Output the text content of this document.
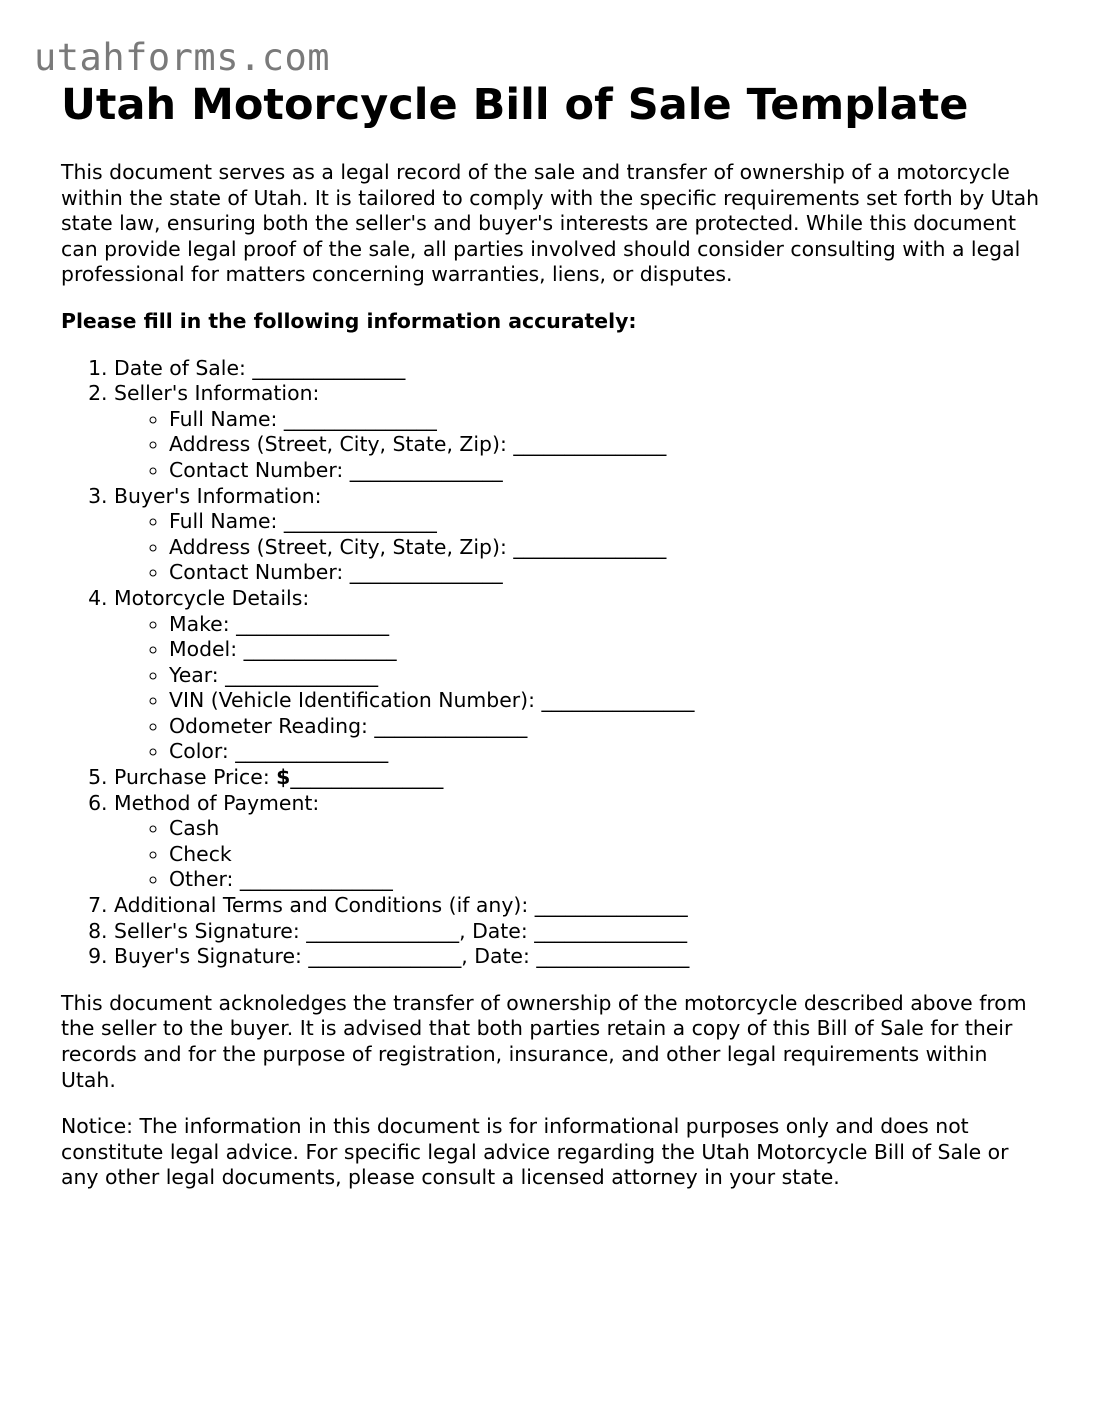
utahforms.com
Utah Motorcycle Bill of Sale Template

This document serves as a legal record of the sale and transfer of ownership of a motorcycle within the state of Utah. It is tailored to comply with the specific requirements set forth by Utah state law, ensuring both the seller's and buyer's interests are protected. While this document can provide legal proof of the sale, all parties involved should consider consulting with a legal professional for matters concerning warranties, liens, or disputes.

Please fill in the following information accurately:

1. Date of Sale: _______________
2. Seller's Information:
◦ Full Name: _______________
◦ Address (Street, City, State, Zip): _______________
◦ Contact Number: _______________
3. Buyer's Information:
◦ Full Name: _______________
◦ Address (Street, City, State, Zip): _______________
◦ Contact Number: _______________
4. Motorcycle Details:
◦ Make: _______________
◦ Model: _______________
◦ Year: _______________
◦ VIN (Vehicle Identification Number): _______________
◦ Odometer Reading: _______________
◦ Color: _______________
5. Purchase Price: $_______________
6. Method of Payment:
◦ Cash
◦ Check
◦ Other: _______________
7. Additional Terms and Conditions (if any): _______________
8. Seller's Signature: _______________, Date: _______________
9. Buyer's Signature: _______________, Date: _______________

This document acknoledges the transfer of ownership of the motorcycle described above from the seller to the buyer. It is advised that both parties retain a copy of this Bill of Sale for their records and for the purpose of registration, insurance, and other legal requirements within Utah.

Notice: The information in this document is for informational purposes only and does not constitute legal advice. For specific legal advice regarding the Utah Motorcycle Bill of Sale or any other legal documents, please consult a licensed attorney in your state.
